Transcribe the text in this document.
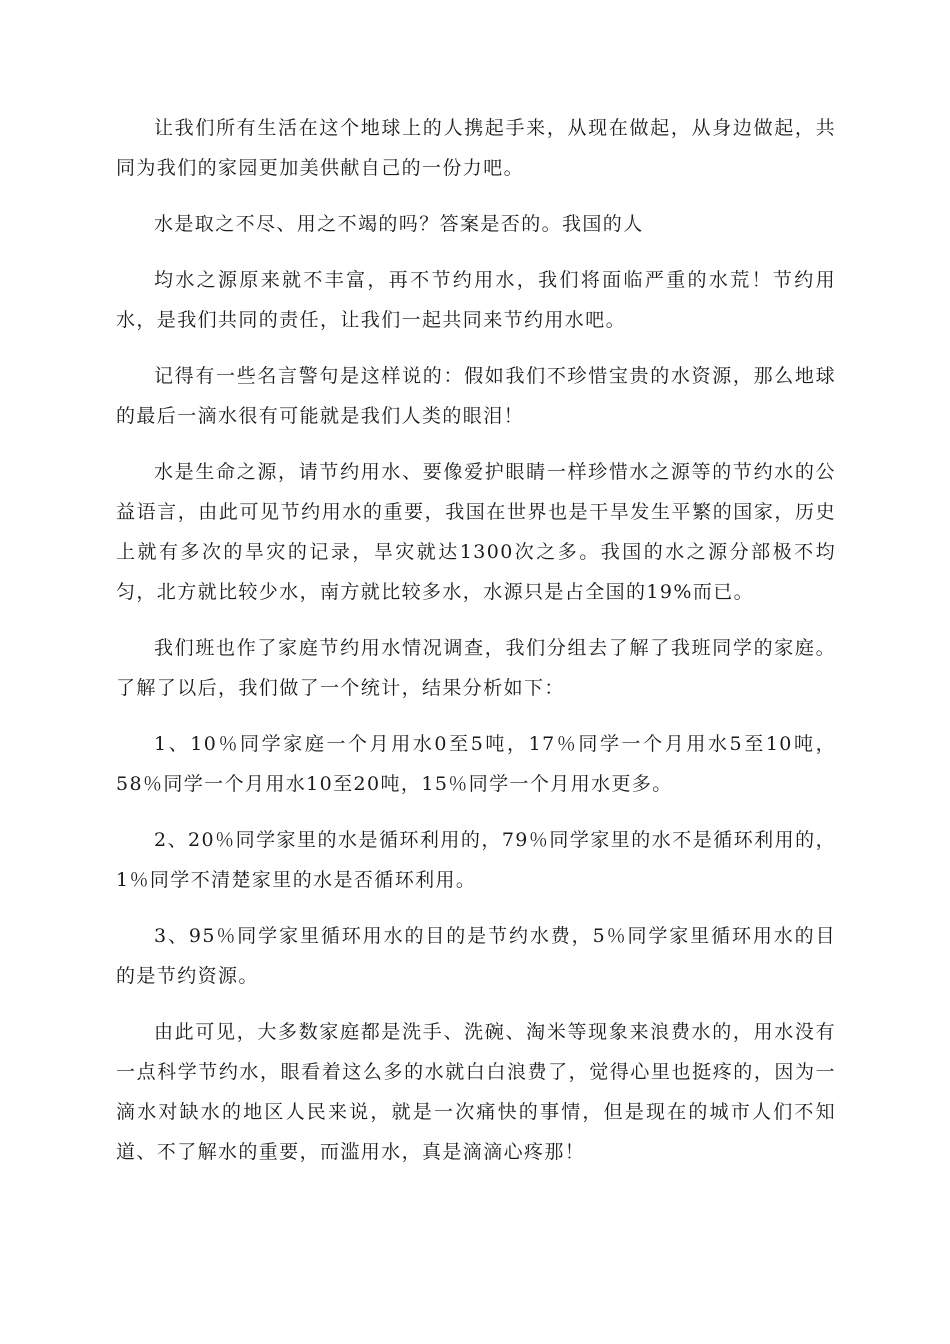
让我们所有生活在这个地球上的人携起手来，从现在做起，从身边做起，共同为我们的家园更加美供献自己的一份力吧。

水是取之不尽、用之不竭的吗？答案是否的。我国的人

均水之源原来就不丰富，再不节约用水，我们将面临严重的水荒！节约用水，是我们共同的责任，让我们一起共同来节约用水吧。

记得有一些名言警句是这样说的：假如我们不珍惜宝贵的水资源，那么地球的最后一滴水很有可能就是我们人类的眼泪！

水是生命之源，请节约用水、要像爱护眼睛一样珍惜水之源等的节约水的公益语言，由此可见节约用水的重要，我国在世界也是干旱发生平繁的国家，历史上就有多次的旱灾的记录，旱灾就达1300次之多。我国的水之源分部极不均匀，北方就比较少水，南方就比较多水，水源只是占全国的19%而已。

我们班也作了家庭节约用水情况调查，我们分组去了解了我班同学的家庭。了解了以后，我们做了一个统计，结果分析如下：

1、10％同学家庭一个月用水0至5吨，17％同学一个月用水5至10吨，58％同学一个月用水10至20吨，15％同学一个月用水更多。

2、20％同学家里的水是循环利用的，79％同学家里的水不是循环利用的，1％同学不清楚家里的水是否循环利用。

3、95％同学家里循环用水的目的是节约水费，5％同学家里循环用水的目的是节约资源。

由此可见，大多数家庭都是洗手、洗碗、淘米等现象来浪费水的，用水没有一点科学节约水，眼看着这么多的水就白白浪费了，觉得心里也挺疼的，因为一滴水对缺水的地区人民来说，就是一次痛快的事情，但是现在的城市人们不知道、不了解水的重要，而滥用水，真是滴滴心疼那！
